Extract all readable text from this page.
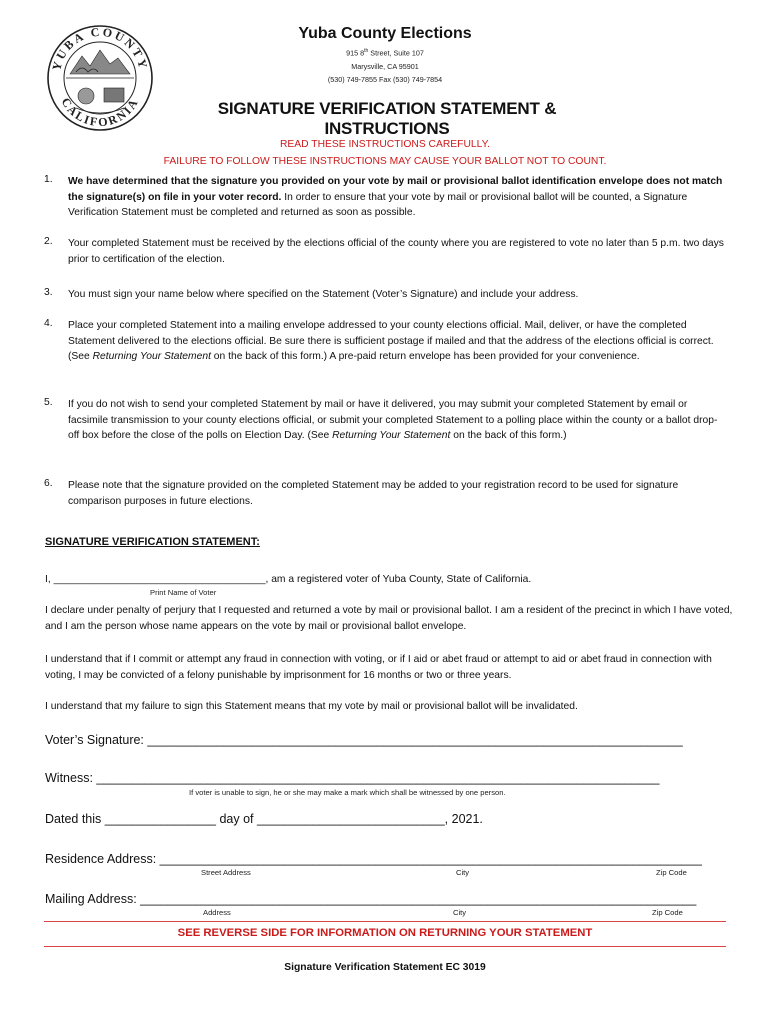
YUBA COUNTY
CALIFORNIA
Yuba County Elections
915 8th Street, Suite 107
Marysville, CA 95901
(530) 749-7855 Fax (530) 749-7854
SIGNATURE VERIFICATION STATEMENT & INSTRUCTIONS
READ THESE INSTRUCTIONS CAREFULLY.
FAILURE TO FOLLOW THESE INSTRUCTIONS MAY CAUSE YOUR BALLOT NOT TO COUNT.
1. We have determined that the signature you provided on your vote by mail or provisional ballot identification envelope does not match the signature(s) on file in your voter record. In order to ensure that your vote by mail or provisional ballot will be counted, a Signature Verification Statement must be completed and returned as soon as possible.
2. Your completed Statement must be received by the elections official of the county where you are registered to vote no later than 5 p.m. two days prior to certification of the election.
3. You must sign your name below where specified on the Statement (Voter’s Signature) and include your address.
4. Place your completed Statement into a mailing envelope addressed to your county elections official. Mail, deliver, or have the completed Statement delivered to the elections official. Be sure there is sufficient postage if mailed and that the address of the elections official is correct. (See Returning Your Statement on the back of this form.) A pre-paid return envelope has been provided for your convenience.
5. If you do not wish to send your completed Statement by mail or have it delivered, you may submit your completed Statement by email or facsimile transmission to your county elections official, or submit your completed Statement to a polling place within the county or a ballot drop-off box before the close of the polls on Election Day. (See Returning Your Statement on the back of this form.)
6. Please note that the signature provided on the completed Statement may be added to your registration record to be used for signature comparison purposes in future elections.
SIGNATURE VERIFICATION STATEMENT:
I, _____________________________________, am a registered voter of Yuba County, State of California.
Print Name of Voter
I declare under penalty of perjury that I requested and returned a vote by mail or provisional ballot. I am a resident of the precinct in which I have voted, and I am the person whose name appears on the vote by mail or provisional ballot envelope.
I understand that if I commit or attempt any fraud in connection with voting, or if I aid or abet fraud or attempt to aid or abet fraud in connection with voting, I may be convicted of a felony punishable by imprisonment for 16 months or two or three years.
I understand that my failure to sign this Statement means that my vote by mail or provisional ballot will be invalidated.
Voter’s Signature: _____________________________________________________________________________
Witness: _________________________________________________________________________________
If voter is unable to sign, he or she may make a mark which shall be witnessed by one person.
Dated this ________________ day of ___________________________, 2021.
Residence Address: ______________________________________________________________________________
Street Address	City	Zip Code
Mailing Address: ________________________________________________________________________________
Address	City	Zip Code
SEE REVERSE SIDE FOR INFORMATION ON RETURNING YOUR STATEMENT
Signature Verification Statement EC 3019
